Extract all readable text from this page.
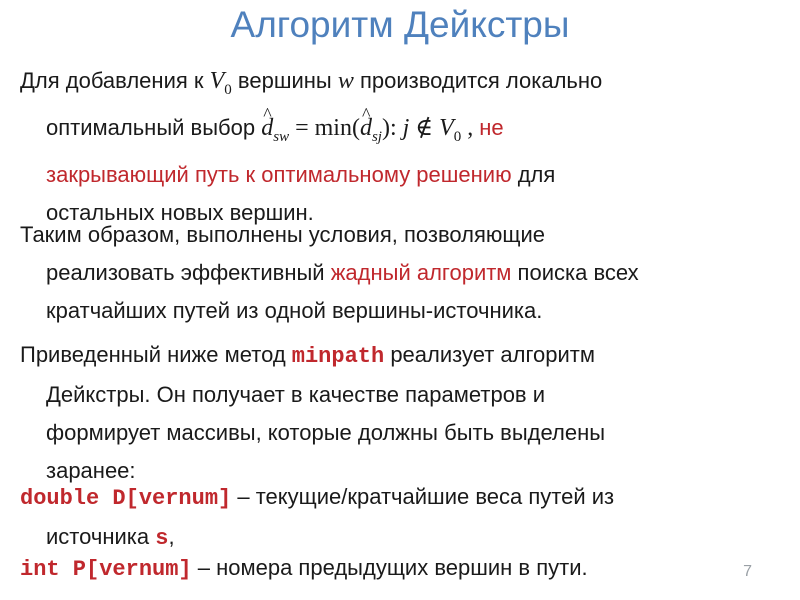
Алгоритм Дейкстры
Для добавления к $V_0$ вершины w производится локально
оптимальный выбор ^ $d_{sw}$ = min(^ $d_{sj}$): j ∉ $V_0$ , не
закрывающий путь к оптимальному решению для
остальных новых вершин.
Таким образом, выполнены условия, позволяющие
реализовать эффективный жадный алгоритм поиска всех
кратчайших путей из одной вершины-источника.
Приведенный ниже метод minpath реализует алгоритм
Дейкстры. Он получает в качестве параметров и
формирует массивы, которые должны быть выделены
заранее:
double D[vernum] – текущие/кратчайшие веса путей из
источника s,
int P[vernum] – номера предыдущих вершин в пути.	7
